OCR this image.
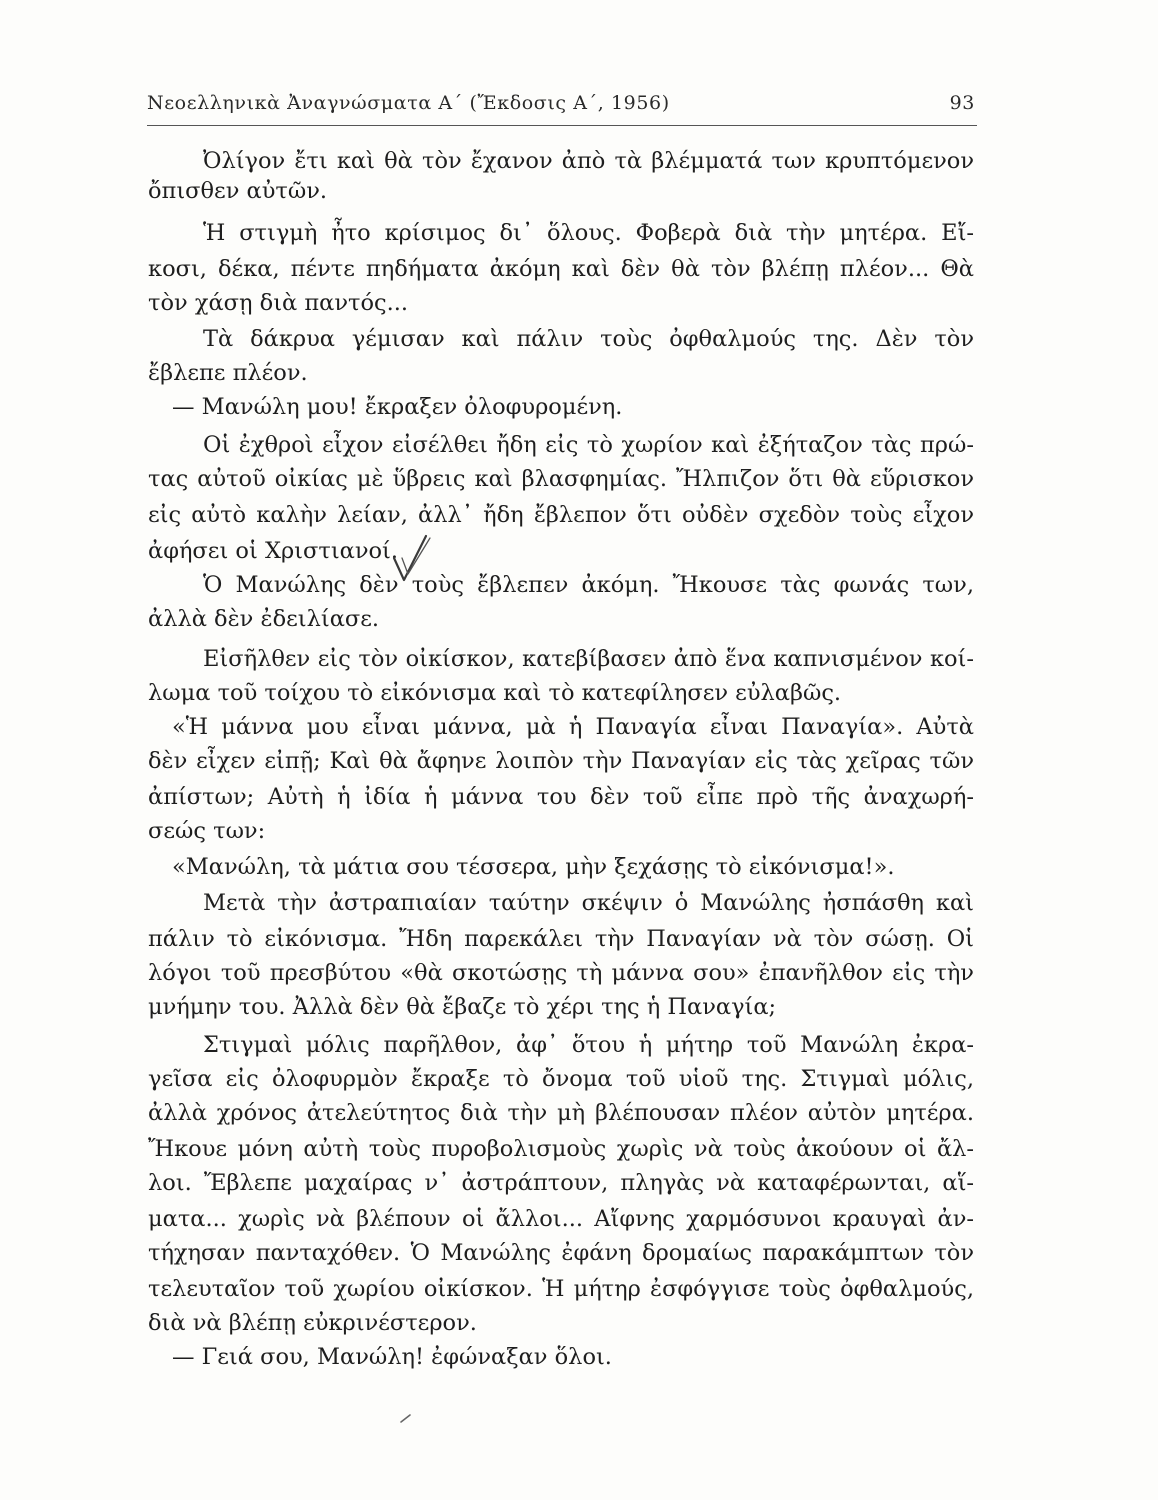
Νεοελληνικὰ Ἀναγνώσματα Α΄ (Ἔκδοσις Α΄, 1956)	93
Ὀλίγον ἔτι καὶ θὰ τὸν ἔχανον ἀπὸ τὰ βλέμματά των κρυπτόμενον
ὄπισθεν αὐτῶν.
Ἡ στιγμὴ ἦτο κρίσιμος δι᾽ ὅλους. Φοβερὰ διὰ τὴν μητέρα. Εἴ-
κοσι, δέκα, πέντε πηδήματα ἀκόμη καὶ δὲν θὰ τὸν βλέπῃ πλέον... Θὰ
τὸν χάσῃ διὰ παντός...
Τὰ δάκρυα γέμισαν καὶ πάλιν τοὺς ὀφθαλμούς της. Δὲν τὸν
ἔβλεπε πλέον.
— Μανώλη μου! ἔκραξεν ὀλοφυρομένη.
Οἱ ἐχθροὶ εἶχον εἰσέλθει ἤδη εἰς τὸ χωρίον καὶ ἐξήταζον τὰς πρώ-
τας αὐτοῦ οἰκίας μὲ ὕβρεις καὶ βλασφημίας. Ἤλπιζον ὅτι θὰ εὕρισκον
εἰς αὐτὸ καλὴν λείαν, ἀλλ᾽ ἤδη ἔβλεπον ὅτι οὐδὲν σχεδὸν τοὺς εἶχον
ἀφήσει οἱ Χριστιανοί.
Ὁ Μανώλης δὲν τοὺς ἔβλεπεν ἀκόμη. Ἤκουσε τὰς φωνάς των,
ἀλλὰ δὲν ἐδειλίασε.
Εἰσῆλθεν εἰς τὸν οἰκίσκον, κατεβίβασεν ἀπὸ ἕνα καπνισμένον κοί-
λωμα τοῦ τοίχου τὸ εἰκόνισμα καὶ τὸ κατεφίλησεν εὐλαβῶς.
«Ἡ μάννα μου εἶναι μάννα, μὰ ἡ Παναγία εἶναι Παναγία». Αὐτὰ
δὲν εἶχεν εἰπῇ; Καὶ θὰ ἄφηνε λοιπὸν τὴν Παναγίαν εἰς τὰς χεῖρας τῶν
ἀπίστων; Αὐτὴ ἡ ἰδία ἡ μάννα του δὲν τοῦ εἶπε πρὸ τῆς ἀναχωρή-
σεώς των:
«Μανώλη, τὰ μάτια σου τέσσερα, μὴν ξεχάσῃς τὸ εἰκόνισμα!».
Μετὰ τὴν ἀστραπιαίαν ταύτην σκέψιν ὁ Μανώλης ἠσπάσθη καὶ
πάλιν τὸ εἰκόνισμα. Ἤδη παρεκάλει τὴν Παναγίαν νὰ τὸν σώσῃ. Οἱ
λόγοι τοῦ πρεσβύτου «θὰ σκοτώσῃς τὴ μάννα σου» ἐπανῆλθον εἰς τὴν
μνήμην του. Ἀλλὰ δὲν θὰ ἔβαζε τὸ χέρι της ἡ Παναγία;
Στιγμαὶ μόλις παρῆλθον, ἀφ᾽ ὅτου ἡ μήτηρ τοῦ Μανώλη ἐκρα-
γεῖσα εἰς ὀλοφυρμὸν ἔκραξε τὸ ὄνομα τοῦ υἱοῦ της. Στιγμαὶ μόλις,
ἀλλὰ χρόνος ἀτελεύτητος διὰ τὴν μὴ βλέπουσαν πλέον αὐτὸν μητέρα.
Ἤκουε μόνη αὐτὴ τοὺς πυροβολισμοὺς χωρὶς νὰ τοὺς ἀκούουν οἱ ἄλ-
λοι. Ἔβλεπε μαχαίρας ν᾽ ἀστράπτουν, πληγὰς νὰ καταφέρωνται, αἵ-
ματα... χωρὶς νὰ βλέπουν οἱ ἄλλοι... Αἴφνης χαρμόσυνοι κραυγαὶ ἀν-
τήχησαν πανταχόθεν. Ὁ Μανώλης ἐφάνη δρομαίως παρακάμπτων τὸν
τελευταῖον τοῦ χωρίου οἰκίσκον. Ἡ μήτηρ ἐσφόγγισε τοὺς ὀφθαλμούς,
διὰ νὰ βλέπῃ εὐκρινέστερον.
— Γειά σου, Μανώλη! ἐφώναξαν ὅλοι.
